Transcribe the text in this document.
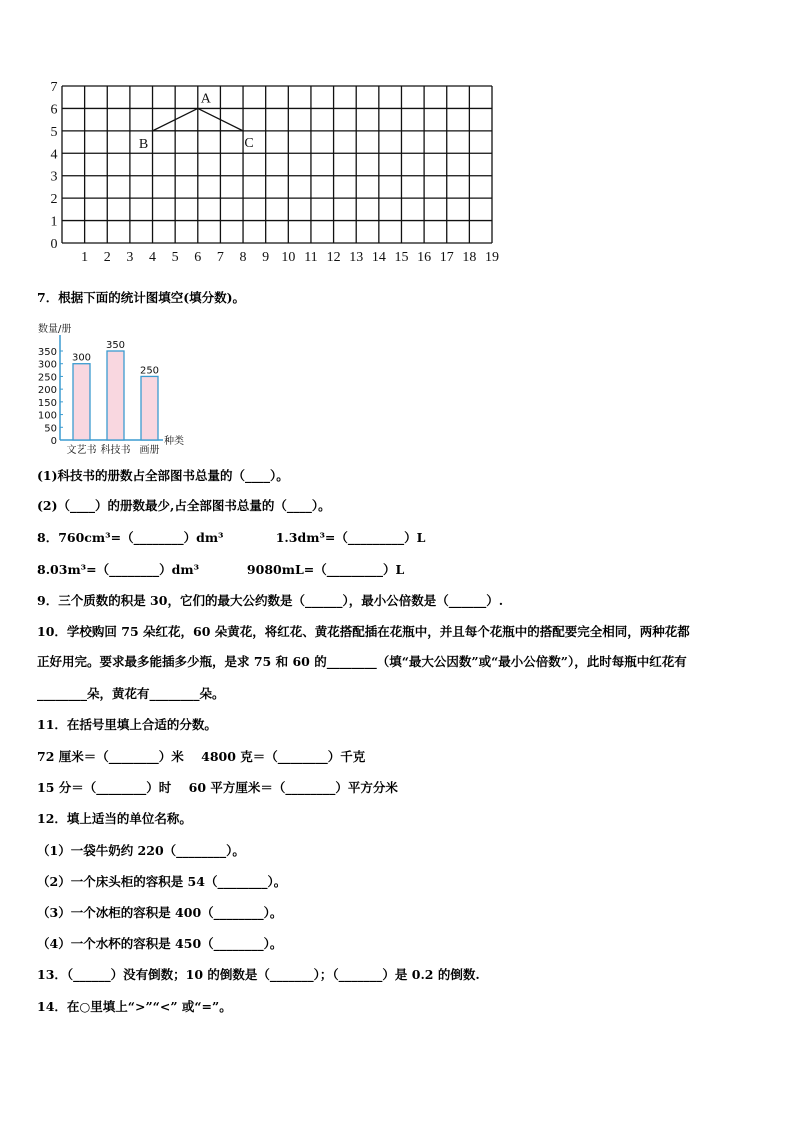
1 2 3 4 5 6 7 8 9 10 11 12 13 14 15 16 17 18 19
0
1
2
3
4
5
6
7
A
B	C
数量/册
种类
0
50
100
150
200
250
300
350
300
文艺书
350
科技书
250
画册
7．根据下面的统计图填空(填分数)。
(1)科技书的册数占全部图书总量的（____）。
(2)（____）的册数最少,占全部图书总量的（____）。
8．760cm³=（________）dm³            1.3dm³=（_________）L
8.03m³=（________）dm³           9080mL=（_________）L
9．三个质数的积是 30，它们的最大公约数是（______），最小公倍数是（______）.
10．学校购回 75 朵红花，60 朵黄花，将红花、黄花搭配插在花瓶中，并且每个花瓶中的搭配要完全相同，两种花都
正好用完。要求最多能插多少瓶，是求 75 和 60 的________（填“最大公因数”或“最小公倍数”），此时每瓶中红花有
________朵，黄花有________朵。
11．在括号里填上合适的分数。
72 厘米＝（________）米    4800 克＝（________）千克
15 分＝（________）时    60 平方厘米＝（________）平方分米
12．填上适当的单位名称。
（1）一袋牛奶约 220（________）。
（2）一个床头柜的容积是 54（________）。
（3）一个冰柜的容积是 400（________）。
（4）一个水杯的容积是 450（________）。
13．（______）没有倒数；10 的倒数是（_______）；（_______）是 0.2 的倒数.
14．在○里填上“>”“<” 或“=”。
